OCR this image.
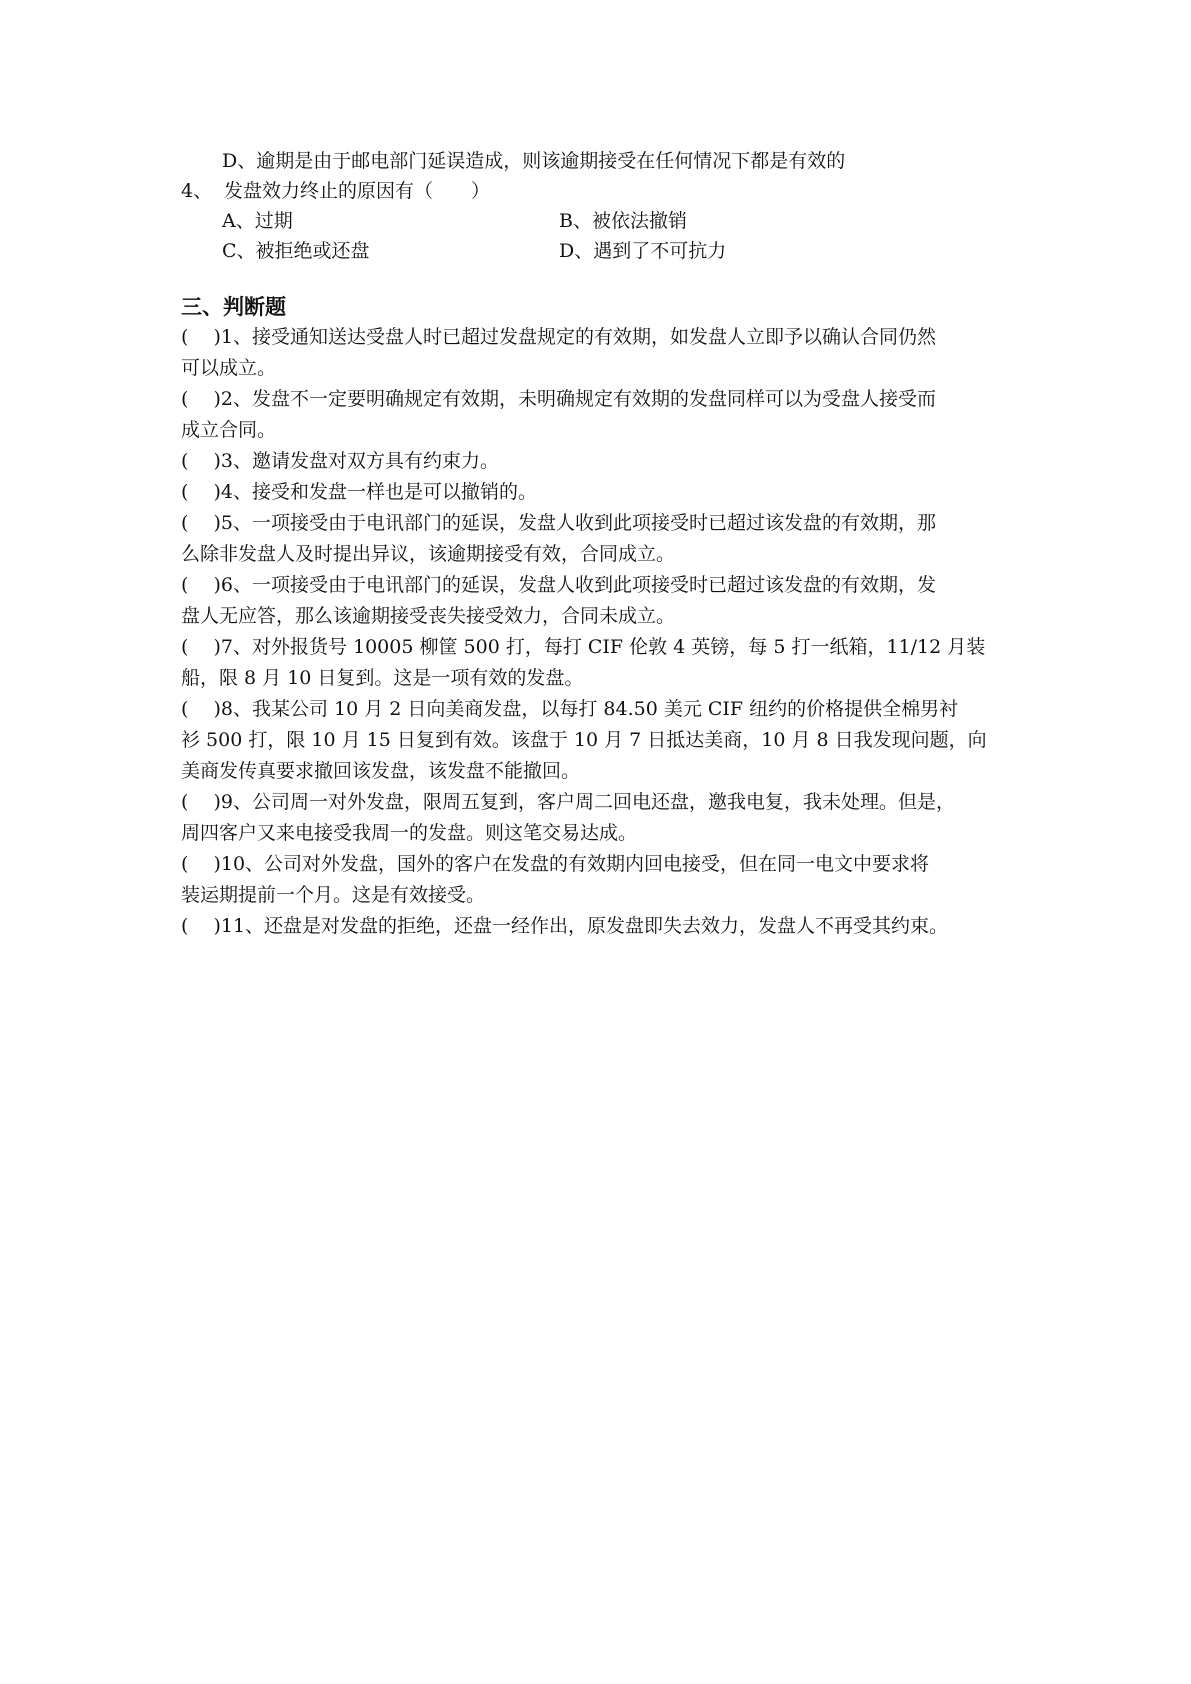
D、逾期是由于邮电部门延误造成，则该逾期接受在任何情况下都是有效的
4、 发盘效力终止的原因有（　　）
A、过期	B、被依法撤销
C、被拒绝或还盘	D、遇到了不可抗力
三、判断题
(　 )1、接受通知送达受盘人时已超过发盘规定的有效期，如发盘人立即予以确认合同仍然
可以成立。
(　 )2、发盘不一定要明确规定有效期，未明确规定有效期的发盘同样可以为受盘人接受而
成立合同。
(　 )3、邀请发盘对双方具有约束力。
(　 )4、接受和发盘一样也是可以撤销的。
(　 )5、一项接受由于电讯部门的延误，发盘人收到此项接受时已超过该发盘的有效期，那
么除非发盘人及时提出异议，该逾期接受有效，合同成立。
(　 )6、一项接受由于电讯部门的延误，发盘人收到此项接受时已超过该发盘的有效期，发
盘人无应答，那么该逾期接受丧失接受效力，合同未成立。
(　 )7、对外报货号 10005 柳筐 500 打，每打 CIF 伦敦 4 英镑，每 5 打一纸箱，11/12 月装
船，限 8 月 10 日复到。这是一项有效的发盘。
(　 )8、我某公司 10 月 2 日向美商发盘，以每打 84.50 美元 CIF 纽约的价格提供全棉男衬
衫 500 打，限 10 月 15 日复到有效。该盘于 10 月 7 日抵达美商，10 月 8 日我发现问题，向
美商发传真要求撤回该发盘，该发盘不能撤回。
(　 )9、公司周一对外发盘，限周五复到，客户周二回电还盘，邀我电复，我未处理。但是，
周四客户又来电接受我周一的发盘。则这笔交易达成。
(　 )10、公司对外发盘，国外的客户在发盘的有效期内回电接受，但在同一电文中要求将
装运期提前一个月。这是有效接受。
(　 )11、还盘是对发盘的拒绝，还盘一经作出，原发盘即失去效力，发盘人不再受其约束。
